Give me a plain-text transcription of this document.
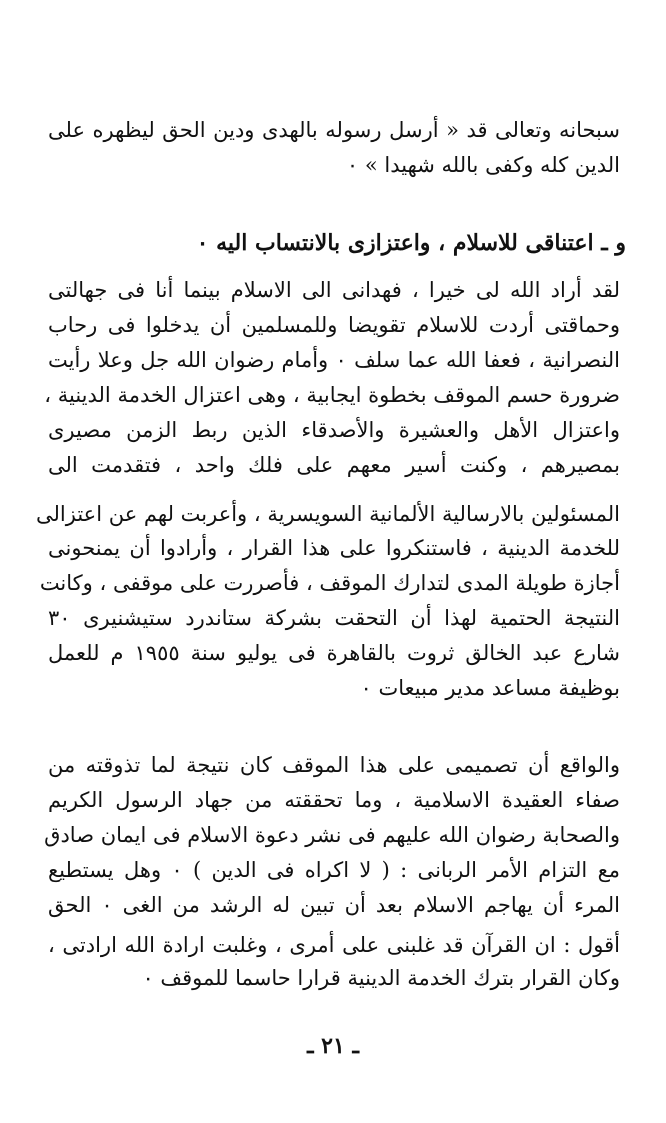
سبحانه وتعالى قد « أرسل رسوله بالهدى ودين الحق ليظهره على
الدين كله وكفى بالله شهيدا » ٠
و ـ اعتناقى للاسلام ، واعتزازى بالانتساب اليه ٠
لقد أراد الله لى خيرا ، فهدانى الى الاسلام بينما أنا فى جهالتى
وحماقتى أردت للاسلام تقويضا وللمسلمين أن يدخلوا فى رحاب
النصرانية ، فعفا الله عما سلف ٠ وأمام رضوان الله جل وعلا رأيت
ضرورة حسم الموقف بخطوة ايجابية ، وهى اعتزال الخدمة الدينية ،
واعتزال الأهل والعشيرة والأصدقاء الذين ربط الزمن مصيرى
بمصيرهم ، وكنت أسير معهم على فلك واحد ، فتقدمت الى
المسئولين بالارسالية الألمانية السويسرية ، وأعربت لهم عن اعتزالى
للخدمة الدينية ، فاستنكروا على هذا القرار ، وأرادوا أن يمنحونى
أجازة طويلة المدى لتدارك الموقف ، فأصررت على موقفى ، وكانت
النتيجة الحتمية لهذا أن التحقت بشركة ستاندرد ستيشنيرى ٣٠
شارع عبد الخالق ثروت بالقاهرة فى يوليو سنة ١٩٥٥ م للعمل
بوظيفة مساعد مدير مبيعات ٠
والواقع أن تصميمى على هذا الموقف كان نتيجة لما تذوقته من
صفاء العقيدة الاسلامية ، وما تحققته من جهاد الرسول الكريم
والصحابة رضوان الله عليهم فى نشر دعوة الاسلام فى ايمان صادق
مع التزام الأمر الربانى : ( لا اكراه فى الدين ) ٠ وهل يستطيع
المرء أن يهاجم الاسلام بعد أن تبين له الرشد من الغى ٠ الحق
أقول : ان القرآن قد غلبنى على أمرى ، وغلبت ارادة الله ارادتى ،
وكان القرار بترك الخدمة الدينية قرارا حاسما للموقف ٠
ـ ٢١ ـ
